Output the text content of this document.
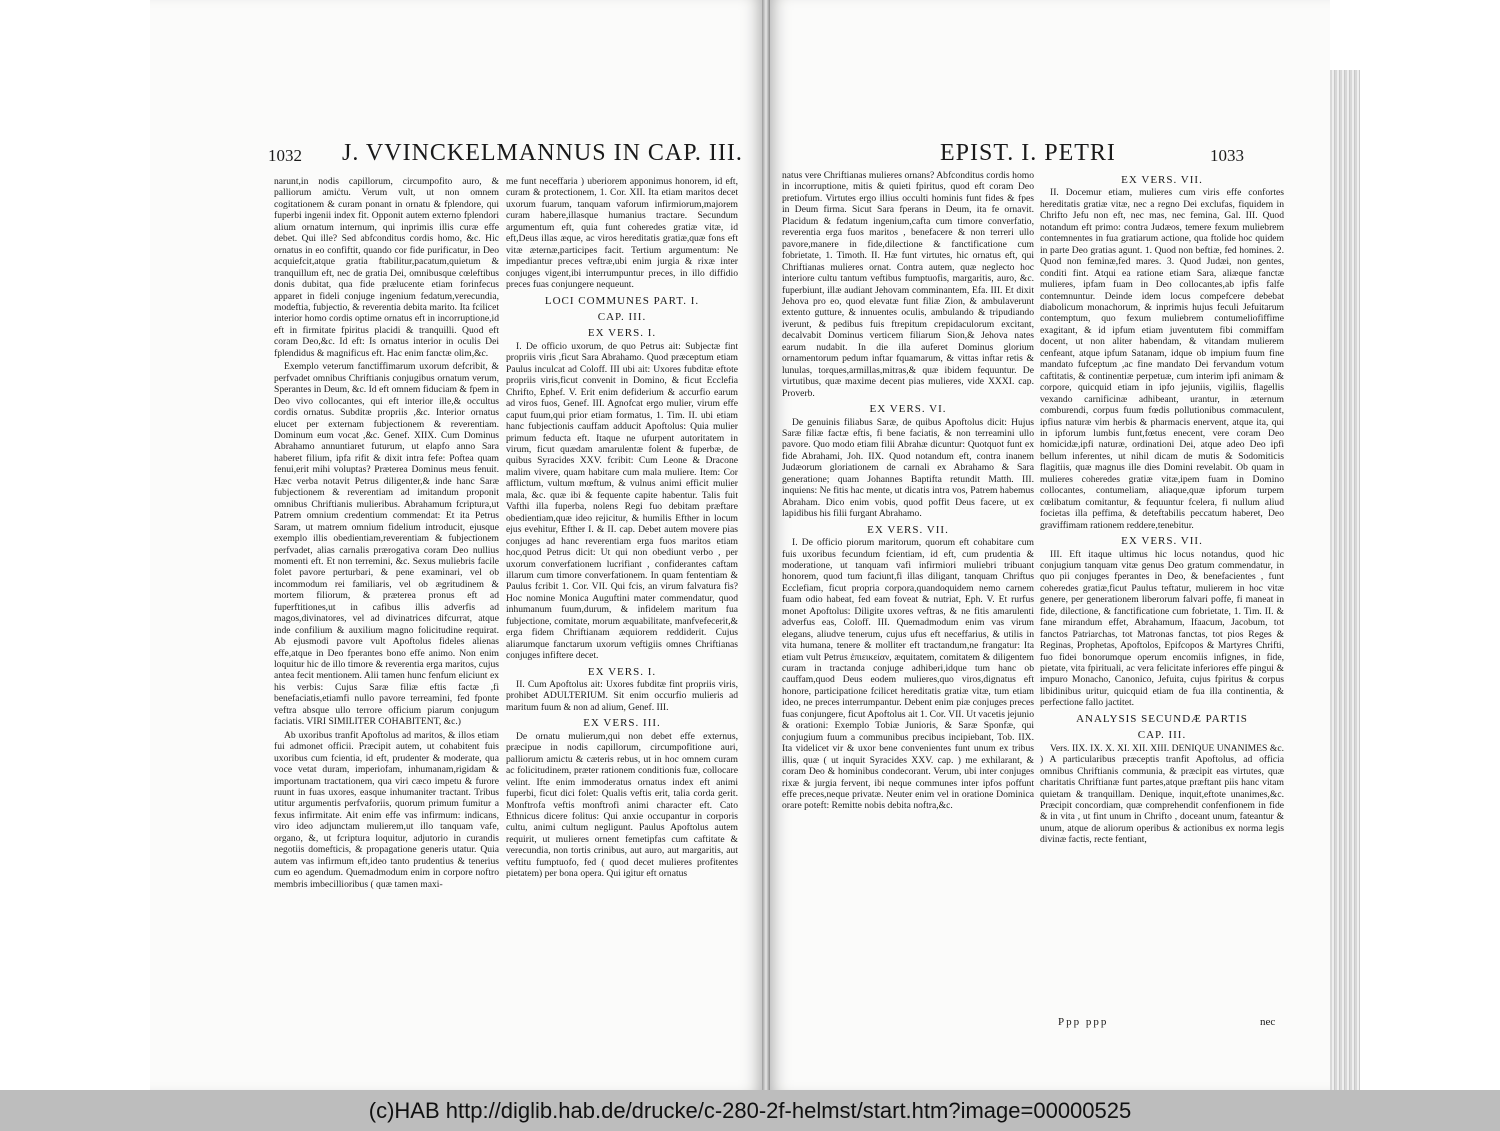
1032 J. VVINCKELMANNUS IN CAP. III.

narunt,in nodis capillorum, circumpofito auro, & palliorum amiċtu. Verum vult, ut non omnem cogitationem & curam ponant in ornatu & fplendore, qui fuperbi ingenii index fit. Opponit autem externo fplendori alium ornatum internum, qui inprimis illis curæ effe debet. Qui ille? Sed abfconditus cordis homo, &c. Hic ornatus in eo confiftit, quando cor fide purificatur, in Deo acquiefcit,atque gratia ftabilitur,pacatum,quietum & tranquillum eft, nec de gratia Dei, omnibusque cœleftibus donis dubitat, qua fide prælucente etiam forinfecus apparet in fideli conjuge ingenium fedatum,verecundia, modeftia, fubjectio, & reverentia debita marito. Ita fcilicet interior homo cordis optime ornatus eft in incorruptione,id eft in firmitate fpiritus placidi & tranquilli. Quod eft coram Deo,&c. Id eft: Is ornatus interior in oculis Dei fplendidus & magnificus eft. Hac enim fanctæ olim,&c.

Exemplo veterum fanctiffimarum uxorum defcribit, & perfvadet omnibus Chriftianis conjugibus ornatum verum, Sperantes in Deum, &c. Id eft omnem fiduciam & fpem in Deo vivo collocantes, qui eft interior ille,& occultus cordis ornatus. Subditæ propriis ,&c. Interior ornatus elucet per externam fubjectionem & reverentiam. Dominum eum vocat ,&c. Genef. XIIX. Cum Dominus Abrahamo annuntiaret futurum, ut elapfo anno Sara haberet filium, ipfa rifit & dixit intra fefe: Poftea quam fenui,erit mihi voluptas? Præterea Dominus meus fenuit. Hæc verba notavit Petrus diligenter,& inde hanc Saræ fubjectionem & reverentiam ad imitandum proponit omnibus Chriftianis mulieribus. Abrahamum fcriptura,ut Patrem omnium credentium commendat: Et ita Petrus Saram, ut matrem omnium fidelium introducit, ejusque exemplo illis obedientiam,reverentiam & fubjectionem perfvadet, alias carnalis prærogativa coram Deo nullius momenti eft. Et non terremini, &c. Sexus muliebris facile folet pavore perturbari, & pene examinari, vel ob incommodum rei familiaris, vel ob ægritudinem & mortem filiorum, & præterea pronus eft ad fuperftitiones,ut in cafibus illis adverfis ad magos,divinatores, vel ad divinatrices difcurrat, atque inde confilium & auxilium magno folicitudine requirat. Ab ejusmodi pavore vult Apoftolus fideles alienas effe,atque in Deo fperantes bono effe animo. Non enim loquitur hic de illo timore & reverentia erga maritos, cujus antea fecit mentionem. Alii tamen hunc fenfum eliciunt ex his verbis: Cujus Saræ filiæ eftis factæ ,fi benefaciatis,etiamfi nullo pavore terreamini, fed fponte veftra absque ullo terrore officium piarum conjugum faciatis. VIRI SIMILITER COHABITENT, &c.)

Ab uxoribus tranfit Apoftolus ad maritos, & illos etiam fui admonet officii. Præcipit autem, ut cohabitent fuis uxoribus cum fcientia, id eft, prudenter & moderate, qua voce vetat duram, imperiofam, inhumanam,rigidam & importunam tractationem, qua viri cæco impetu & furore ruunt in fuas uxores, easque inhumaniter tractant. Tribus utitur argumentis perfvaforiis, quorum primum fumitur a fexus infirmitate. Ait enim effe vas infirmum: indicans, viro ideo adjunctam mulierem,ut illo tanquam vafe, organo, &, ut fcriptura loquitur, adjutorio in curandis negotiis domefticis, & propagatione generis utatur. Quia autem vas infirmum eft,ideo tanto prudentius & tenerius cum eo agendum. Quemadmodum enim in corpore noftro membris imbecillioribus ( quæ tamen maxi-

me funt neceffaria ) uberiorem apponimus honorem, id eft, curam & protectionem, 1. Cor. XII. Ita etiam maritos decet uxorum fuarum, tanquam vaforum infirmiorum,majorem curam habere,illasque humanius tractare. Secundum argumentum eft, quia funt coheredes gratiæ vitæ, id eft,Deus illas æque, ac viros hereditatis gratiæ,quæ fons eft vitæ æternæ,participes facit. Tertium argumentum: Ne impediantur preces veftræ,ubi enim jurgia & rixæ inter conjuges vigent,ibi interrumpuntur preces, in illo diffidio preces fuas conjungere nequeunt.

LOCI COMMUNES PART. I.
CAP. III.
EX VERS. I.

I. De officio uxorum, de quo Petrus ait: Subjectæ fint propriis viris ,ficut Sara Abrahamo. Quod præceptum etiam Paulus inculcat ad Coloff. III ubi ait: Uxores fubditæ eftote propriis viris,ficut convenit in Domino, & ficut Ecclefia Chrifto, Ephef. V. Erit enim defiderium & accurfio earum ad viros fuos, Genef. III. Agnofcat ergo mulier, virum effe caput fuum,qui prior etiam formatus, 1. Tim. II. ubi etiam hanc fubjectionis cauffam adducit Apoftolus: Quia mulier primum feducta eft. Itaque ne ufurpent autoritatem in virum, ficut quædam amarulentæ folent & fuperbæ, de quibus Syracides XXV. fcribit: Cum Leone & Dracone malim vivere, quam habitare cum mala muliere. Item: Cor afflictum, vultum mœftum, & vulnus animi efficit mulier mala, &c. quæ ibi & fequente capite habentur. Talis fuit Vafthi illa fuperba, nolens Regi fuo debitam præftare obedientiam,quæ ideo rejicitur, & humilis Efther in locum ejus evehitur, Efther I. & II. cap. Debet autem movere pias conjuges ad hanc reverentiam erga fuos maritos etiam hoc,quod Petrus dicit: Ut qui non obediunt verbo , per uxorum converfationem lucrifiant , confiderantes caftam illarum cum timore converfationem. In quam fententiam & Paulus fcribit 1. Cor. VII. Qui fcis, an virum falvatura fis? Hoc nomine Monica Auguftini mater commendatur, quod inhumanum fuum,durum, & infidelem maritum fua fubjectione, comitate, morum æquabilitate, manfvefecerit,& erga fidem Chriftianam æquiorem reddiderit. Cujus aliarumque fanctarum uxorum veftigiis omnes Chriftianas conjuges infiftere decet.

EX VERS. I.

II. Cum Apoftolus ait: Uxores fubditæ fint propriis viris, prohibet ADULTERIUM. Sit enim occurfio mulieris ad maritum fuum & non ad alium, Genef. III.

EX VERS. III.

De ornatu mulierum,qui non debet effe externus, præcipue in nodis capillorum, circumpofitione auri, palliorum amictu & cæteris rebus, ut in hoc omnem curam ac folicitudinem, præter rationem conditionis fuæ, collocare velint. Ifte enim immoderatus ornatus index eft animi fuperbi, ficut dici folet: Qualis veftis erit, talia corda gerit. Monftrofa veftis monftrofi animi character eft. Cato Ethnicus dicere folitus: Qui anxie occupantur in corporis cultu, animi cultum negligunt. Paulus Apoftolus autem requirit, ut mulieres ornent femetipfas cum caftitate & verecundia, non tortis crinibus, aut auro, aut margaritis, aut veftitu fumptuofo, fed ( quod decet mulieres profitentes pietatem) per bona opera. Qui igitur eft ornatus

EPIST. I. PETRI	1033

natus vere Chriftianas mulieres ornans? Abfconditus cordis homo in incorruptione, mitis & quieti fpiritus, quod eft coram Deo pretiofum. Virtutes ergo illius occulti hominis funt fides & fpes in Deum firma. Sicut Sara fperans in Deum, ita fe ornavit. Placidum & fedatum ingenium,cafta cum timore converfatio, reverentia erga fuos maritos , benefacere & non terreri ullo pavore,manere in fide,dilectione & fanctificatione cum fobrietate, 1. Timoth. II. Hæ funt virtutes, hic ornatus eft, qui Chriftianas mulieres ornat. Contra autem, quæ neglecto hoc interiore cultu tantum veftibus fumptuofis, margaritis, auro, &c. fuperbiunt, illæ audiant Jehovam comminantem, Efa. III. Et dixit Jehova pro eo, quod elevatæ funt filiæ Zion, & ambulaverunt extento gutture, & innuentes oculis, ambulando & tripudiando iverunt, & pedibus fuis ftrepitum crepidaculorum excitant, decalvabit Dominus verticem filiarum Sion,& Jehova nates earum nudabit. In die illa auferet Dominus glorium ornamentorum pedum inftar fquamarum, & vittas inftar retis & lunulas, torques,armillas,mitras,& quæ ibidem fequuntur. De virtutibus, quæ maxime decent pias mulieres, vide XXXI. cap. Proverb.

EX VERS. VI.

De genuinis filiabus Saræ, de quibus Apoftolus dicit: Hujus Saræ filiæ factæ eftis, fi bene faciatis, & non terreamini ullo pavore. Quo modo etiam filii Abrahæ dicuntur: Quotquot funt ex fide Abrahami, Joh. IIX. Quod notandum eft, contra inanem Judæorum gloriationem de carnali ex Abrahamo & Sara generatione; quam Johannes Baptifta retundit Matth. III. inquiens: Ne fitis hac mente, ut dicatis intra vos, Patrem habemus Abraham. Dico enim vobis, quod poffit Deus facere, ut ex lapidibus his filii furgant Abrahamo.

EX VERS. VII.

I. De officio piorum maritorum, quorum eft cohabitare cum fuis uxoribus fecundum fcientiam, id eft, cum prudentia & moderatione, ut tanquam vafi infirmiori muliebri tribuant honorem, quod tum faciunt,fi illas diligant, tanquam Chriftus Ecclefiam, ficut propria corpora,quandoquidem nemo carnem fuam odio habeat, fed eam foveat & nutriat, Eph. V. Et rurfus monet Apoftolus: Diligite uxores veftras, & ne fitis amarulenti adverfus eas, Coloff. III. Quemadmodum enim vas virum elegans, aliudve tenerum, cujus ufus eft neceffarius, & utilis in vita humana, tenere & molliter eft tractandum,ne frangatur: Ita etiam vult Petrus ἐπιεικείαν, æquitatem, comitatem & diligentem curam in tractanda conjuge adhiberi,idque tum hanc ob cauffam,quod Deus eodem mulieres,quo viros,dignatus eft honore, participatione fcilicet hereditatis gratiæ vitæ, tum etiam ideo, ne preces interrumpantur. Debent enim piæ conjuges preces fuas conjungere, ficut Apoftolus ait 1. Cor. VII. Ut vacetis jejunio & orationi: Exemplo Tobiæ Junioris, & Saræ Sponfæ, qui conjugium fuum a communibus precibus incipiebant, Tob. IIX. Ita videlicet vir & uxor bene convenientes funt unum ex tribus illis, quæ ( ut inquit Syracides XXV. cap. ) me exhilarant, & coram Deo & hominibus condecorant. Verum, ubi inter conjuges rixæ & jurgia fervent, ibi neque communes inter ipfos poffunt effe preces,neque privatæ. Neuter enim vel in oratione Dominica orare poteft: Remitte nobis debita noftra,&c.

EX VERS. VII.

II. Docemur etiam, mulieres cum viris effe confortes hereditatis gratiæ vitæ, nec a regno Dei exclufas, fiquidem in Chrifto Jefu non eft, nec mas, nec femina, Gal. III. Quod notandum eft primo: contra Judæos, temere fexum muliebrem contemnentes in fua gratiarum actione, qua ftolide hoc quidem in parte Deo gratias agunt. 1. Quod non beftiæ, fed homines. 2. Quod non feminæ,fed mares. 3. Quod Judæi, non gentes, conditi fint. Atqui ea ratione etiam Sara, aliæque fanctæ mulieres, ipfam fuam in Deo collocantes,ab ipfis falfe contemnuntur. Deinde idem locus compefcere debebat diabolicum monachorum, & inprimis hujus feculi Jefuitarum contemptum, quo fexum muliebrem contumeliofiffime exagitant, & id ipfum etiam juventutem fibi commiffam docent, ut non aliter habendam, & vitandam mulierem cenfeant, atque ipfum Satanam, idque ob impium fuum fine mandato fufceptum ,ac fine mandato Dei fervandum votum caftitatis, & continentiæ perpetuæ, cum interim ipfi animam & corpore, quicquid etiam in ipfo jejuniis, vigiliis, flagellis vexando carnificinæ adhibeant, urantur, in æternum comburendi, corpus fuum fœdis pollutionibus commaculent, ipfius naturæ vim herbis & pharmacis enervent, atque ita, qui in ipforum lumbis funt,fœtus enecent, vere coram Deo homicidæ,ipfi naturæ, ordinationi Dei, atque adeo Deo ipfi bellum inferentes, ut nihil dicam de mutis & Sodomiticis flagitiis, quæ magnus ille dies Domini revelabit. Ob quam in mulieres coheredes gratiæ vitæ,ipem fuam in Domino collocantes, contumeliam, aliaque,quæ ipforum turpem cœlibatum comitantur, & fequuntur fcelera, fi nullum aliud focietas illa peffima, & deteftabilis peccatum haberet, Deo graviffimam rationem reddere,tenebitur.

EX VERS. VII.

III. Eft itaque ultimus hic locus notandus, quod hic conjugium tanquam vitæ genus Deo gratum commendatur, in quo pii conjuges fperantes in Deo, & benefacientes , funt coheredes gratiæ,ficut Paulus teftatur, mulierem in hoc vitæ genere, per generationem liberorum falvari poffe, fi maneat in fide, dilectione, & fanctificatione cum fobrietate, 1. Tim. II. & fane mirandum effet, Abrahamum, Ifaacum, Jacobum, tot fanctos Patriarchas, tot Matronas fanctas, tot pios Reges & Reginas, Prophetas, Apoftolos, Epifcopos & Martyres Chrifti, fuo fidei bonorumque operum encomiis infignes, in fide, pietate, vita fpirituali, ac vera felicitate inferiores effe pingui & impuro Monacho, Canonico, Jefuita, cujus fpiritus & corpus libidinibus uritur, quicquid etiam de fua illa continentia, & perfectione fallo jactitet.

ANALYSIS SECUNDÆ PARTIS
CAP. III.

Vers. IIX. IX. X. XI. XII. XIII. DENIQUE UNANIMES &c. ) A particularibus præceptis tranfit Apoftolus, ad officia omnibus Chriftianis communia, & præcipit eas virtutes, quæ charitatis Chriftianæ funt partes,atque præftant piis hanc vitam quietam & tranquillam. Denique, inquit,eftote unanimes,&c. Præcipit concordiam, quæ comprehendit confenfionem in fide & in vita , ut fint unum in Chrifto , doceant unum, fateantur & unum, atque de aliorum operibus & actionibus ex norma legis divinæ factis, recte fentiant,

Ppp ppp	nec
(c)HAB http://diglib.hab.de/drucke/c-280-2f-helmst/start.htm?image=00000525
